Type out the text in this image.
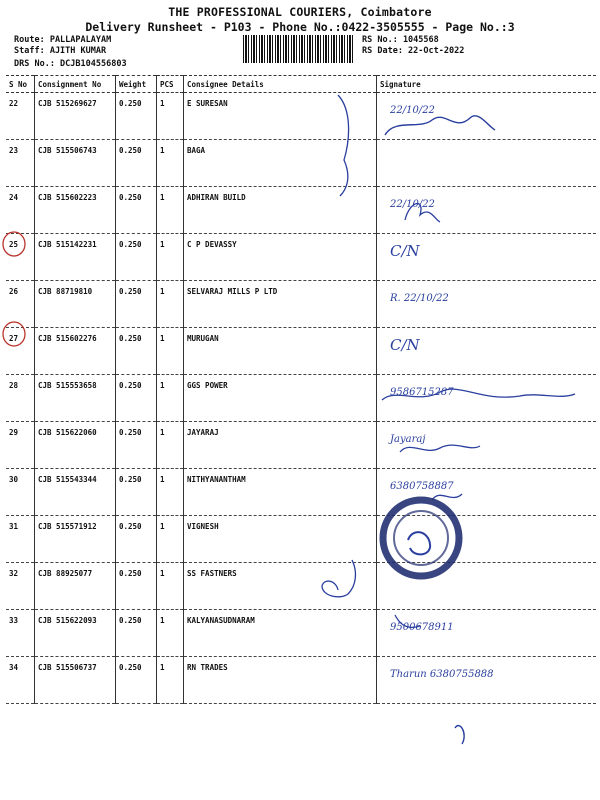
THE PROFESSIONAL COURIERS, Coimbatore
Delivery Runsheet - P103 - Phone No.:0422-3505555 - Page No.:3
Route: PALLAPALAYAM
Staff: AJITH KUMAR
DRS No.: DCJB104556803
RS No.: 1045568
RS Date: 22-Oct-2022
S No	Consignment No	Weight	PCS	Consignee Details	Signature
22	CJB 515269627	0.250	1	E SURESAN	22/10/22

23	CJB 515506743	0.250	1	BAGA	

24	CJB 515602223	0.250	1	ADHIRAN BUILD	22/10/22

25	CJB 515142231	0.250	1	C P DEVASSY	C/N

26	CJB 88719810	0.250	1	SELVARAJ MILLS P LTD	R. 22/10/22

27	CJB 515602276	0.250	1	MURUGAN	C/N

28	CJB 515553658	0.250	1	GGS POWER	9586715287

29	CJB 515622060	0.250	1	JAYARAJ	Jayaraj

30	CJB 515543344	0.250	1	NITHYANANTHAM	6380758887

31	CJB 515571912	0.250	1	VIGNESH	

32	CJB 88925077	0.250	1	SS FASTNERS	

33	CJB 515622093	0.250	1	KALYANASUDNARAM	9500678911

34	CJB 515506737	0.250	1	RN TRADES	Tharun 6380755888
